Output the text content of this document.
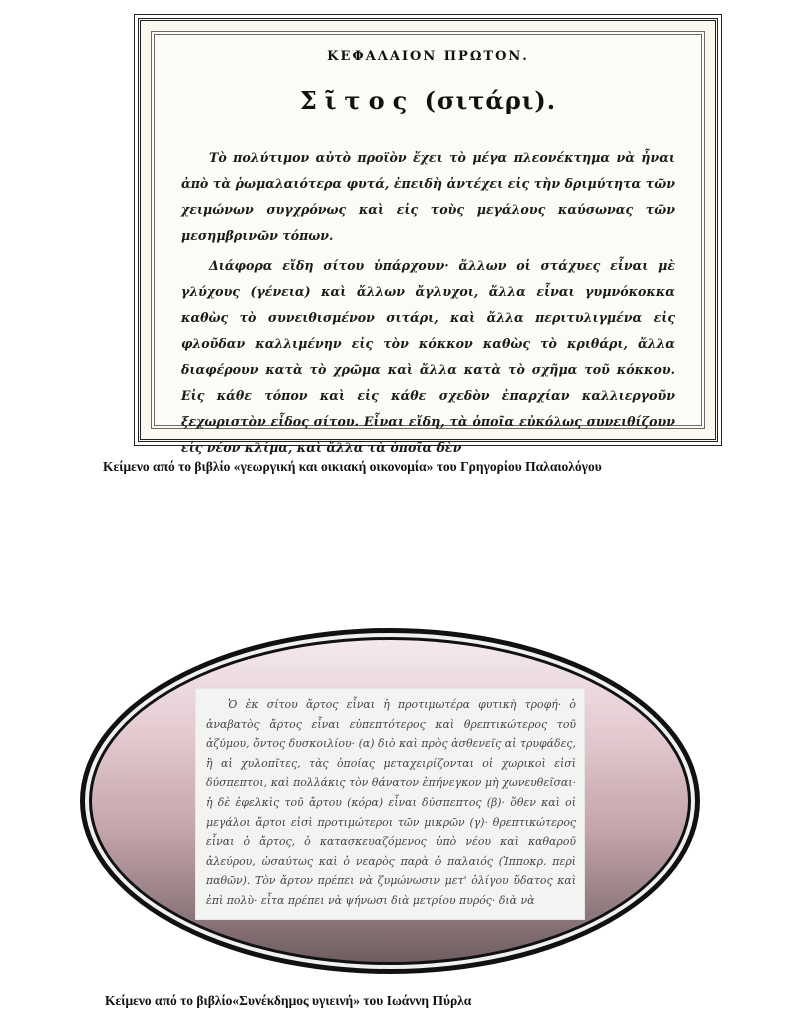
ΚΕΦΑΛΑΙΟΝ ΠΡΩΤΟΝ.
Σῖτος (σιτάρι).

Τὸ πολύτιμον αὐτὸ προϊὸν ἔχει τὸ μέγα πλεονέκτημα νὰ ἦναι ἀπὸ τὰ ῥωμαλαιότερα φυτά, ἐπειδὴ ἀντέχει εἰς τὴν δριμύτητα τῶν χειμώνων συγχρόνως καὶ εἰς τοὺς μεγάλους καύσωνας τῶν μεσημβρινῶν τόπων.

Διάφορα εἴδη σίτου ὑπάρχουν· ἄλλων οἱ στάχυες εἶναι μὲ γλύχους (γένεια) καὶ ἄλλων ἄγλυχοι, ἄλλα εἶναι γυμνόκοκκα καθὼς τὸ συνειθισμένον σιτάρι, καὶ ἄλλα περιτυλιγμένα εἰς φλοῦδαν καλλιμένην εἰς τὸν κόκκον καθὼς τὸ κριθάρι, ἄλλα διαφέρουν κατὰ τὸ χρῶμα καὶ ἄλλα κατὰ τὸ σχῆμα τοῦ κόκκου. Εἰς κάθε τόπον καὶ εἰς κάθε σχεδὸν ἐπαρχίαν καλλιεργοῦν ξεχωριστὸν εἶδος σίτου. Εἶναι εἴδη, τὰ ὁποῖα εὐκόλως συνειθίζουν εἰς νέον κλίμα, καὶ ἄλλα τὰ ὁποῖα δὲν

Κείμενο από το βιβλίο «γεωργική και οικιακή οικονομία» του Γρηγορίου Παλαιολόγου

Ὁ ἐκ σίτου ἄρτος εἶναι ἡ προτιμωτέρα φυτικὴ τροφή· ὁ ἀναβατὸς ἄρτος εἶναι εὐπεπτότερος καὶ θρεπτικώτερος τοῦ ἀζύμου, ὄντος δυσκοιλίου· (α) διὸ καὶ πρὸς ἀσθενεῖς αἱ τρυφάδες, ἢ αἱ χυλοπῖτες, τὰς ὁποίας μεταχειρίζονται οἱ χωρικοὶ εἰσὶ δύσπεπτοι, καὶ πολλάκις τὸν θάνατον ἐπήνεγκον μὴ χωνευθεῖσαι· ἡ δὲ ἐφελκὶς τοῦ ἄρτου (κόρα) εἶναι δύσπεπτος (β)· ὅθεν καὶ οἱ μεγάλοι ἄρτοι εἰσὶ προτιμώτεροι τῶν μικρῶν (γ)· θρεπτικώτερος εἶναι ὁ ἄρτος, ὁ κατασκευαζόμενος ὑπὸ νέου καὶ καθαροῦ ἀλεύρου, ὡσαύτως καὶ ὁ νεαρὸς παρὰ ὁ παλαιός (Ἱπποκρ. περὶ παθῶν). Τὸν ἄρτον πρέπει νὰ ζυμώνωσιν μετ' ὀλίγου ὕδατος καὶ ἐπὶ πολὺ· εἶτα πρέπει νὰ ψήνωσι διὰ μετρίου πυρός· διὰ νὰ

Κείμενο από το βιβλίο«Συνέκδημος υγιεινή» του Ιωάννη Πύρλα
